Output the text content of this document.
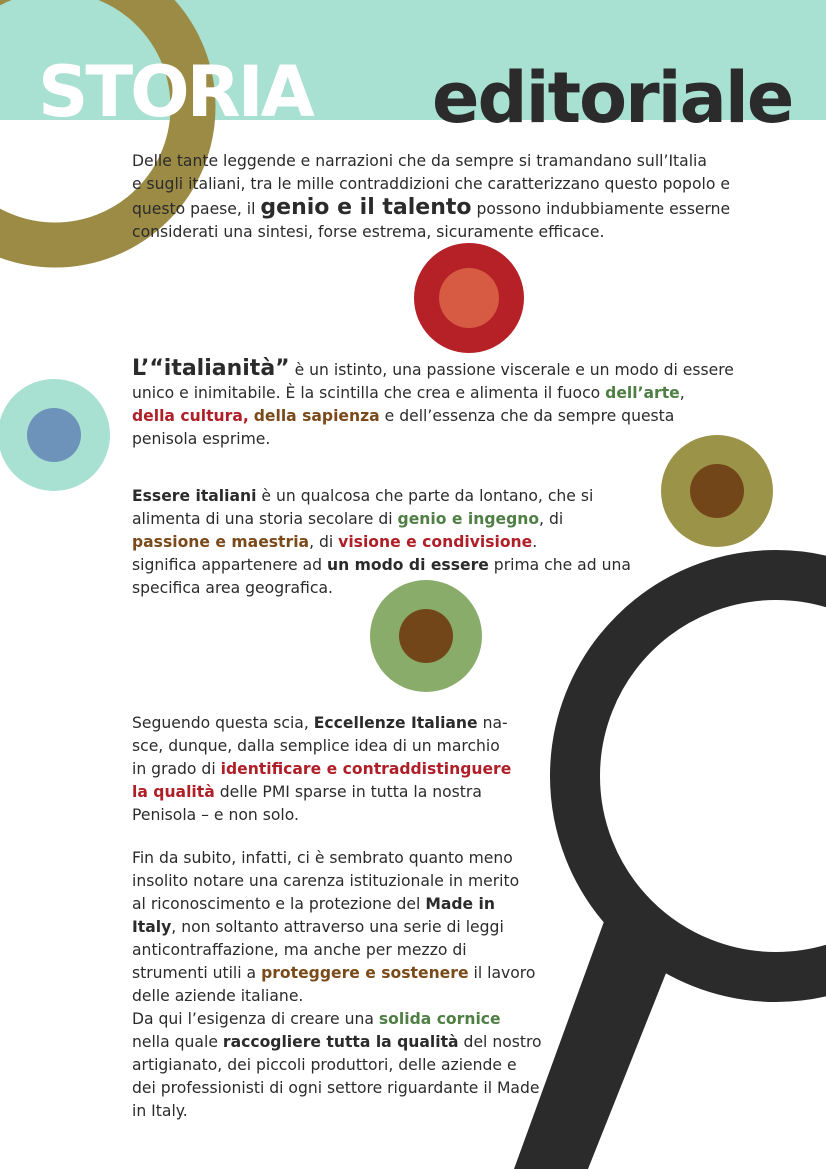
STORIA editoriale
Delle tante leggende e narrazioni che da sempre si tramandano sull’Italia
e sugli italiani, tra le mille contraddizioni che caratterizzano questo popolo e
questo paese, il genio e il talento possono indubbiamente esserne
considerati una sintesi, forse estrema, sicuramente efficace.
L’“italianità” è un istinto, una passione viscerale e un modo di essere
unico e inimitabile. È la scintilla che crea e alimenta il fuoco dell’arte,
della cultura, della sapienza e dell’essenza che da sempre questa
penisola esprime.
Essere italiani è un qualcosa che parte da lontano, che si
alimenta di una storia secolare di genio e ingegno, di
passione e maestria, di visione e condivisione.
significa appartenere ad un modo di essere prima che ad una
specifica area geografica.
Seguendo questa scia, Eccellenze Italiane na-
sce, dunque, dalla semplice idea di un marchio
in grado di identificare e contraddistinguere
la qualità delle PMI sparse in tutta la nostra
Penisola – e non solo.
Fin da subito, infatti, ci è sembrato quanto meno
insolito notare una carenza istituzionale in merito
al riconoscimento e la protezione del Made in
Italy, non soltanto attraverso una serie di leggi
anticontraffazione, ma anche per mezzo di
strumenti utili a proteggere e sostenere il lavoro
delle aziende italiane.
Da qui l’esigenza di creare una solida cornice
nella quale raccogliere tutta la qualità del nostro
artigianato, dei piccoli produttori, delle aziende e
dei professionisti di ogni settore riguardante il Made
in Italy.
